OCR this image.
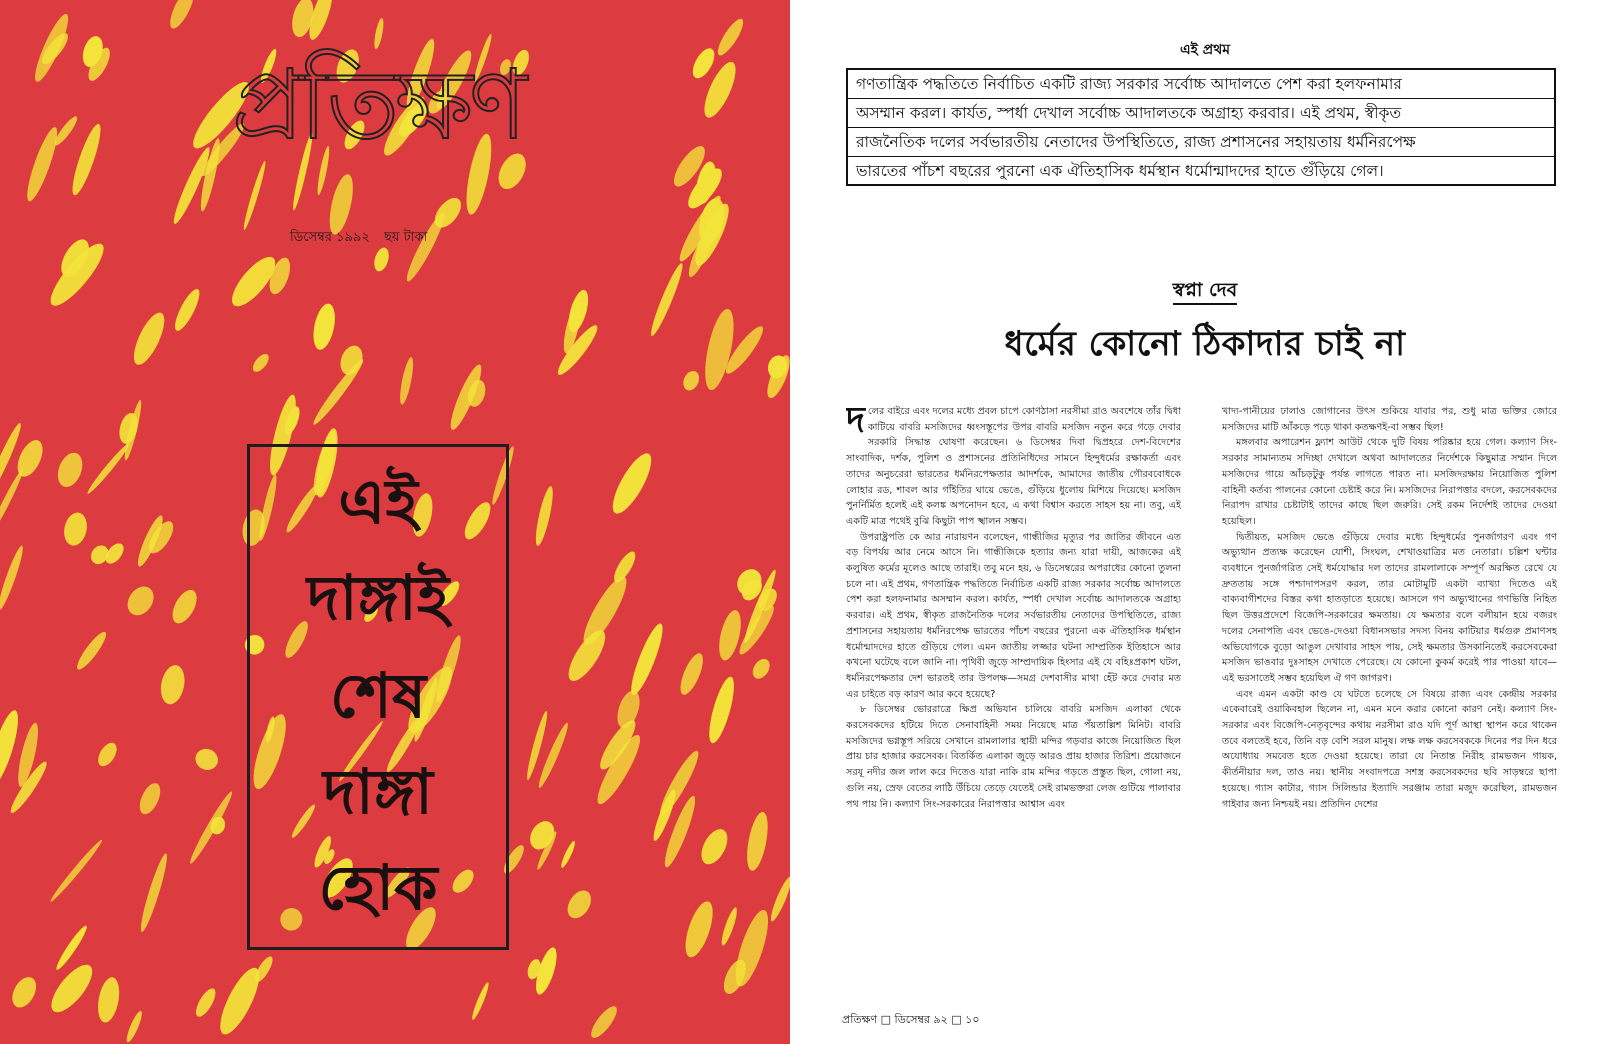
প্রতিক্ষণ
ডিসেম্বর ১৯৯২ ছয় টাকা
এই
দাঙ্গাই
শেষ
দাঙ্গা
হোক
এই প্রথম
গণতান্ত্রিক পদ্ধতিতে নির্বাচিত একটি রাজ্য সরকার সর্বোচ্চ আদালতে পেশ করা হলফনামার
অসম্মান করল। কার্যত, স্পর্ধা দেখাল সর্বোচ্চ আদালতকে অগ্রাহ্য করবার। এই প্রথম, স্বীকৃত
রাজনৈতিক দলের সর্বভারতীয় নেতাদের উপস্থিতিতে, রাজ্য প্রশাসনের সহায়তায় ধর্মনিরপেক্ষ
ভারতের পাঁচশ বছরের পুরনো এক ঐতিহাসিক ধর্মস্থান ধর্মোন্মাদদের হাতে গুঁড়িয়ে গেল।
স্বপ্না দেব
ধর্মের কোনো ঠিকাদার চাই না

দলের বাইরে এবং দলের মধ্যে প্রবল চাপে কোণঠাসা নরসীমা রাও অবশেষে তাঁর দ্বিধা কাটিয়ে বাবরি মসজিদের ধ্বংসস্তূপের উপর বাবরি মসজিদ নতুন করে গড়ে দেবার সরকারি সিদ্ধান্ত ঘোষণা করেছেন। ৬ ডিসেম্বর দিবা দ্বিপ্রহরে দেশ-বিদেশের সাংবাদিক, দর্শক, পুলিশ ও প্রশাসনের প্রতিনিধিদের সামনে হিন্দুধর্মের রক্ষাকর্তা এবং তাদের অনুচরেরা ভারতের ধর্মনিরপেক্ষতার আদর্শকে, আমাদের জাতীয় গৌরববোধকে লোহার রড, শাবল আর গাঁইতির ঘায়ে ভেঙে, গুঁড়িয়ে ধুলোয় মিশিয়ে দিয়েছে। মসজিদ পুনর্নির্মিত হলেই এই কলঙ্ক অপনোদন হবে, এ কথা বিশ্বাস করতে সাহস হয় না। তবু, এই একটি মাত্র পথেই বুঝি কিছুটা পাপ স্খালন সম্ভব।

উপরাষ্ট্রপতি কে আর নারায়ণন বলেছেন, গান্ধীজির মৃত্যুর পর জাতির জীবনে এত বড় বিপর্যয় আর নেমে আসে নি। গান্ধীজিকে হত্যার জন্য যারা দায়ী, আজকের এই কলুষিত কর্মের মূলেও আছে তারাই। তবু মনে হয়, ৬ ডিসেম্বরের অপরাধের কোনো তুলনা চলে না। এই প্রথম, গণতান্ত্রিক পদ্ধতিতে নির্বাচিত একটি রাজ্য সরকার সর্বোচ্চ আদালতে পেশ করা হলফনামার অসম্মান করল। কার্যত, স্পর্ধা দেখাল সর্বোচ্চ আদালতকে অগ্রাহ্য করবার। এই প্রথম, স্বীকৃত রাজনৈতিক দলের সর্বভারতীয় নেতাদের উপস্থিতিতে, রাজ্য প্রশাসনের সহায়তায় ধর্মনিরপেক্ষ ভারতের পাঁচশ বছরের পুরনো এক ঐতিহাসিক ধর্মস্থান ধর্মোন্মাদদের হাতে গুঁড়িয়ে গেল। এমন জাতীয় লজ্জার ঘটনা সাম্প্রতিক ইতিহাসে আর কখনো ঘটেছে বলে জানি না। পৃথিবী জুড়ে সাম্প্রদায়িক হিংসার এই যে বহিঃপ্রকাশ ঘটল, ধর্মনিরপেক্ষতার দেশ ভারতই তার উপলক্ষ—সমগ্র দেশবাসীর মাথা হেঁট করে দেবার মত এর চাইতে বড় কারণ আর কবে হয়েছে?

৮ ডিসেম্বর ভোররাত্রে ক্ষিপ্র অভিযান চালিয়ে বাবরি মসজিদ এলাকা থেকে করসেবকদের হটিয়ে দিতে সেনাবাহিনী সময় নিয়েছে মাত্র পঁয়তাল্লিশ মিনিট। বাবরি মসজিদের ভগ্নস্তূপ সরিয়ে সেখানে রামলালার স্থায়ী মন্দির গড়বার কাজে নিয়োজিত ছিল প্রায় চার হাজার করসেবক। বিতর্কিত এলাকা জুড়ে আরও প্রায় হাজার তিরিশ। প্রয়োজনে সরযূ নদীর জল লাল করে দিতেও যারা নাকি রাম মন্দির গড়তে প্রস্তুত ছিল, গোলা নয়, গুলি নয়, স্রেফ বেতের লাঠি উঁচিয়ে তেড়ে যেতেই সেই রামভক্তরা লেজ গুটিয়ে পালাবার পথ পায় নি। কল্যাণ সিং-সরকারের নিরাপত্তার আশ্বাস এবং

খাদ্য-পানীয়ের ঢালাও জোগানের উৎস শুকিয়ে যাবার পর, শুধু মাত্র ভক্তির জোরে মসজিদের মাটি আঁকড়ে পড়ে থাকা কতক্ষণই-বা সম্ভব ছিল!

মঙ্গলবার অপারেশন ফ্ল্যাশ আউট থেকে দুটি বিষয় পরিষ্কার হয়ে গেল। কল্যাণ সিং-সরকার সামান্যতম সদিচ্ছা দেখালে অথবা আদালতের নির্দেশকে কিছুমাত্র সম্মান দিলে মসজিদের গায়ে আঁচড়টুকু পর্যন্ত লাগতে পারত না। মসজিদরক্ষায় নিয়োজিত পুলিশ বাহিনী কর্তব্য পালনের কোনো চেষ্টাই করে নি। মসজিদের নিরাপত্তার বদলে, করসেবকদের নিরাপদ রাখার চেষ্টাটাই তাদের কাছে ছিল জরুরি। সেই রকম নির্দেশই তাদের দেওয়া হয়েছিল।

দ্বিতীয়ত, মসজিদ ভেঙে গুঁড়িয়ে দেবার মধ্যে হিন্দুধর্মের পুনর্জাগরণ এবং গণ অভ্যুত্থান প্রত্যক্ষ করেছেন যোশী, সিংঘল, শেখাওয়াত্রির মত নেতারা। চল্লিশ ঘন্টার ব্যবধানে পুনর্জাগরিত সেই ধর্মযোদ্ধার দল তাদের রামলালাকে সম্পূর্ণ অরক্ষিত রেখে যে দ্রুততায় সঙ্গে পশ্চাদাপসরণ করল, তার মোটামুটি একটা ব্যাখ্যা দিতেও এই বাক্যবাগীশদের বিস্তর কথা হাতড়াতে হয়েছে। আসলে গণ অভ্যুত্থানের গণভিত্তি নিহিত ছিল উত্তরপ্রদেশে বিজেপি-সরকারের ক্ষমতায়। যে ক্ষমতার বলে বলীয়ান হয়ে বজরং দলের সেনাপতি এবং ভেঙে-দেওয়া বিধানসভার সদস্য বিনয় কাটিয়ার ধর্মগুরু প্রমাণসহ অভিযোগকে বুড়ো আঙুল দেখাবার সাহস পায়, সেই ক্ষমতার উসকানিতেই করসেবকেরা মসজিদ ভাঙবার দুঃসাহস দেখাতে পেরেছে। যে কোনো কুকর্ম করেই পার পাওয়া যাবে—এই ভরসাতেই সম্ভব হয়েছিল ঐ গণ জাগরণ।

এবং এমন একটা কাণ্ড যে ঘটতে চলেছে সে বিষয়ে রাজ্য এবং কেন্দ্রীয় সরকার একেবারেই ওয়াকিবহাল ছিলেন না, এমন মনে করার কোনো কারণ নেই। কল্যাণ সিং-সরকার এবং বিজেপি-নেতৃবৃন্দের কথায় নরসীমা রাও যদি পূর্ণ আস্থা স্থাপন করে থাকেন তবে বলতেই হবে, তিনি বড় বেশি সরল মানুষ। লক্ষ লক্ষ করসেবককে দিনের পর দিন ধরে অযোধ্যায় সমবেত হতে দেওয়া হয়েছে। তারা যে নিতান্ত নিরীহ রামভজন গায়ক, কীর্তনীয়ার দল, তাও নয়। স্থানীয় সংবাদপত্রে সশস্ত্র করসেবকদের ছবি সাড়ম্বরে ছাপা হয়েছে। গ্যাস কাটার, গ্যাস সিলিন্ডার ইত্যাদি সরঞ্জাম তারা মজুদ করেছিল, রামভজন গাইবার জন্য নিশ্চয়ই নয়। প্রতিদিন দেশের

প্রতিক্ষণ □ ডিসেম্বর ৯২ □ ১০
